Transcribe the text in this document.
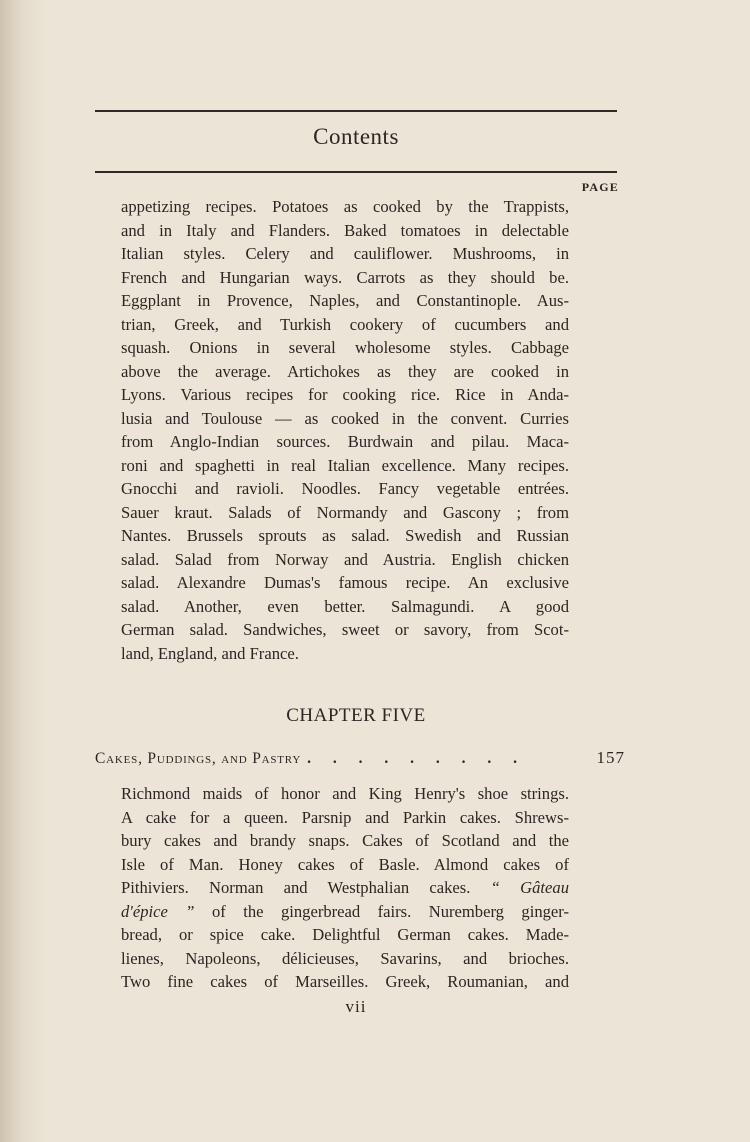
Contents
PAGE
appetizing recipes. Potatoes as cooked by the Trappists,
and in Italy and Flanders. Baked tomatoes in delectable
Italian styles. Celery and cauliflower. Mushrooms, in
French and Hungarian ways. Carrots as they should be.
Eggplant in Provence, Naples, and Constantinople. Aus-
trian, Greek, and Turkish cookery of cucumbers and
squash. Onions in several wholesome styles. Cabbage
above the average. Artichokes as they are cooked in
Lyons. Various recipes for cooking rice. Rice in Anda-
lusia and Toulouse — as cooked in the convent. Curries
from Anglo-Indian sources. Burdwain and pilau. Maca-
roni and spaghetti in real Italian excellence. Many recipes.
Gnocchi and ravioli. Noodles. Fancy vegetable entrées.
Sauer kraut. Salads of Normandy and Gascony ; from
Nantes. Brussels sprouts as salad. Swedish and Russian
salad. Salad from Norway and Austria. English chicken
salad. Alexandre Dumas's famous recipe. An exclusive
salad. Another, even better. Salmagundi. A good
German salad. Sandwiches, sweet or savory, from Scot-
land, England, and France.
CHAPTER FIVE
Cakes, Puddings, and Pastry . . . . . . . . .	157
Richmond maids of honor and King Henry's shoe strings.
A cake for a queen. Parsnip and Parkin cakes. Shrews-
bury cakes and brandy snaps. Cakes of Scotland and the
Isle of Man. Honey cakes of Basle. Almond cakes of
Pithiviers. Norman and Westphalian cakes. “ Gâteau
d'épice ” of the gingerbread fairs. Nuremberg ginger-
bread, or spice cake. Delightful German cakes. Made-
lienes, Napoleons, délicieuses, Savarins, and brioches.
Two fine cakes of Marseilles. Greek, Roumanian, and
vii
